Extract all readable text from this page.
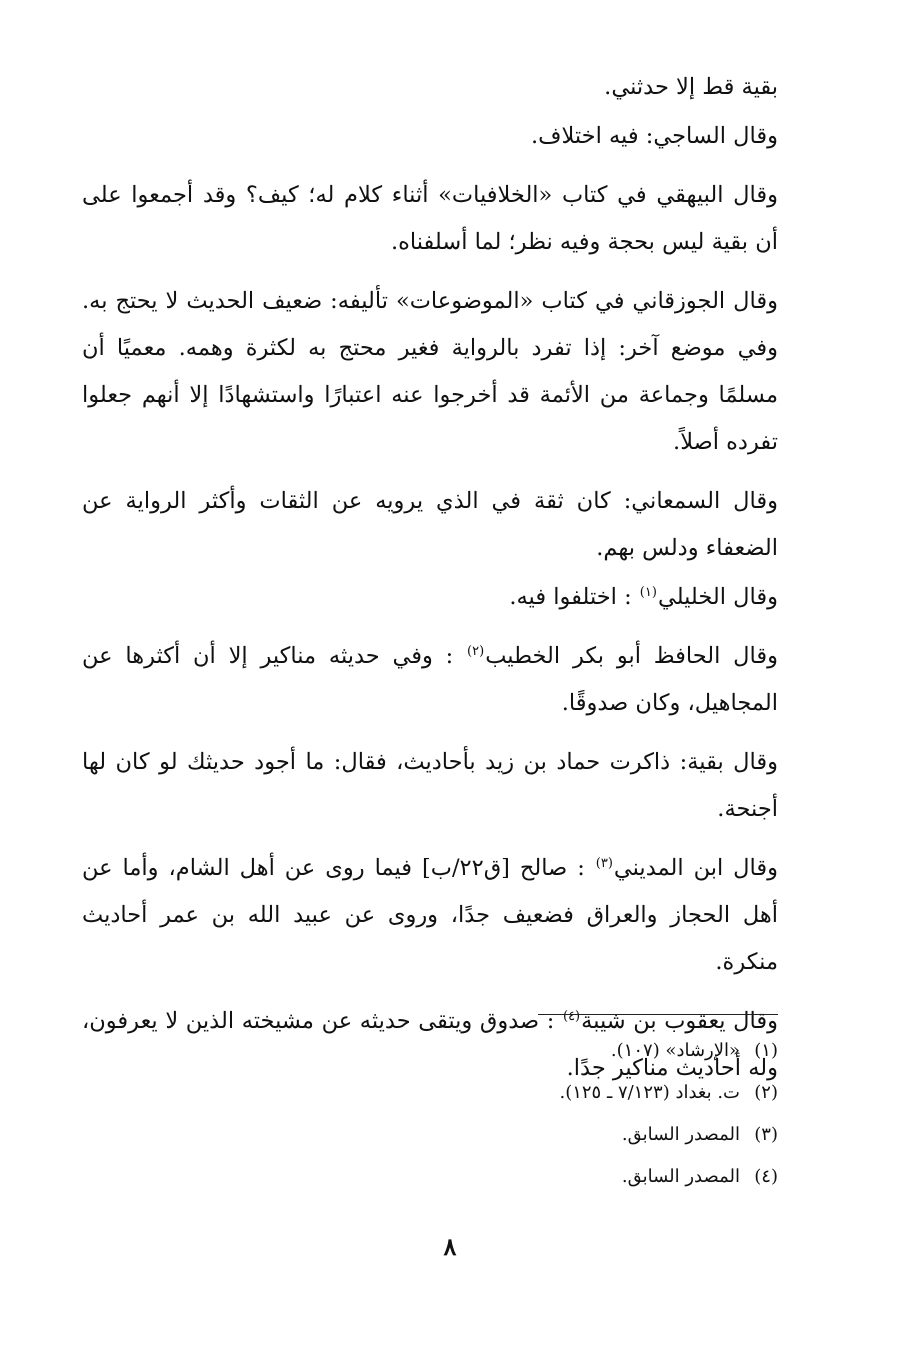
بقية قط إلا حدثني.

وقال الساجي: فيه اختلاف.

وقال البيهقي في كتاب «الخلافيات» أثناء كلام له؛ كيف؟ وقد أجمعوا على أن بقية ليس بحجة وفيه نظر؛ لما أسلفناه.

وقال الجوزقاني في كتاب «الموضوعات» تأليفه: ضعيف الحديث لا يحتج به. وفي موضع آخر: إذا تفرد بالرواية فغير محتج به لكثرة وهمه. معميًا أن مسلمًا وجماعة من الأئمة قد أخرجوا عنه اعتبارًا واستشهادًا إلا أنهم جعلوا تفرده أصلاً.

وقال السمعاني: كان ثقة في الذي يرويه عن الثقات وأكثر الرواية عن الضعفاء ودلس بهم.

وقال الخليلي$^{(١)}$ : اختلفوا فيه.

وقال الحافظ أبو بكر الخطيب$^{(٢)}$ : وفي حديثه مناكير إلا أن أكثرها عن المجاهيل، وكان صدوقًا.

وقال بقية: ذاكرت حماد بن زيد بأحاديث، فقال: ما أجود حديثك لو كان لها أجنحة.

وقال ابن المديني$^{(٣)}$ : صالح [ق٢٢/ب] فيما روى عن أهل الشام، وأما عن أهل الحجاز والعراق فضعيف جدًا، وروى عن عبيد الله بن عمر أحاديث منكرة.

وقال يعقوب بن شيبة$^{(٤)}$ : صدوق ويتقى حديثه عن مشيخته الذين لا يعرفون، وله أحاديث مناكير جدًا.

(١)«الإرشاد» (١٠٧).

(٢)ت. بغداد (٧/١٢٣ ـ ١٢٥).

(٣)المصدر السابق.

(٤)المصدر السابق.

٨
